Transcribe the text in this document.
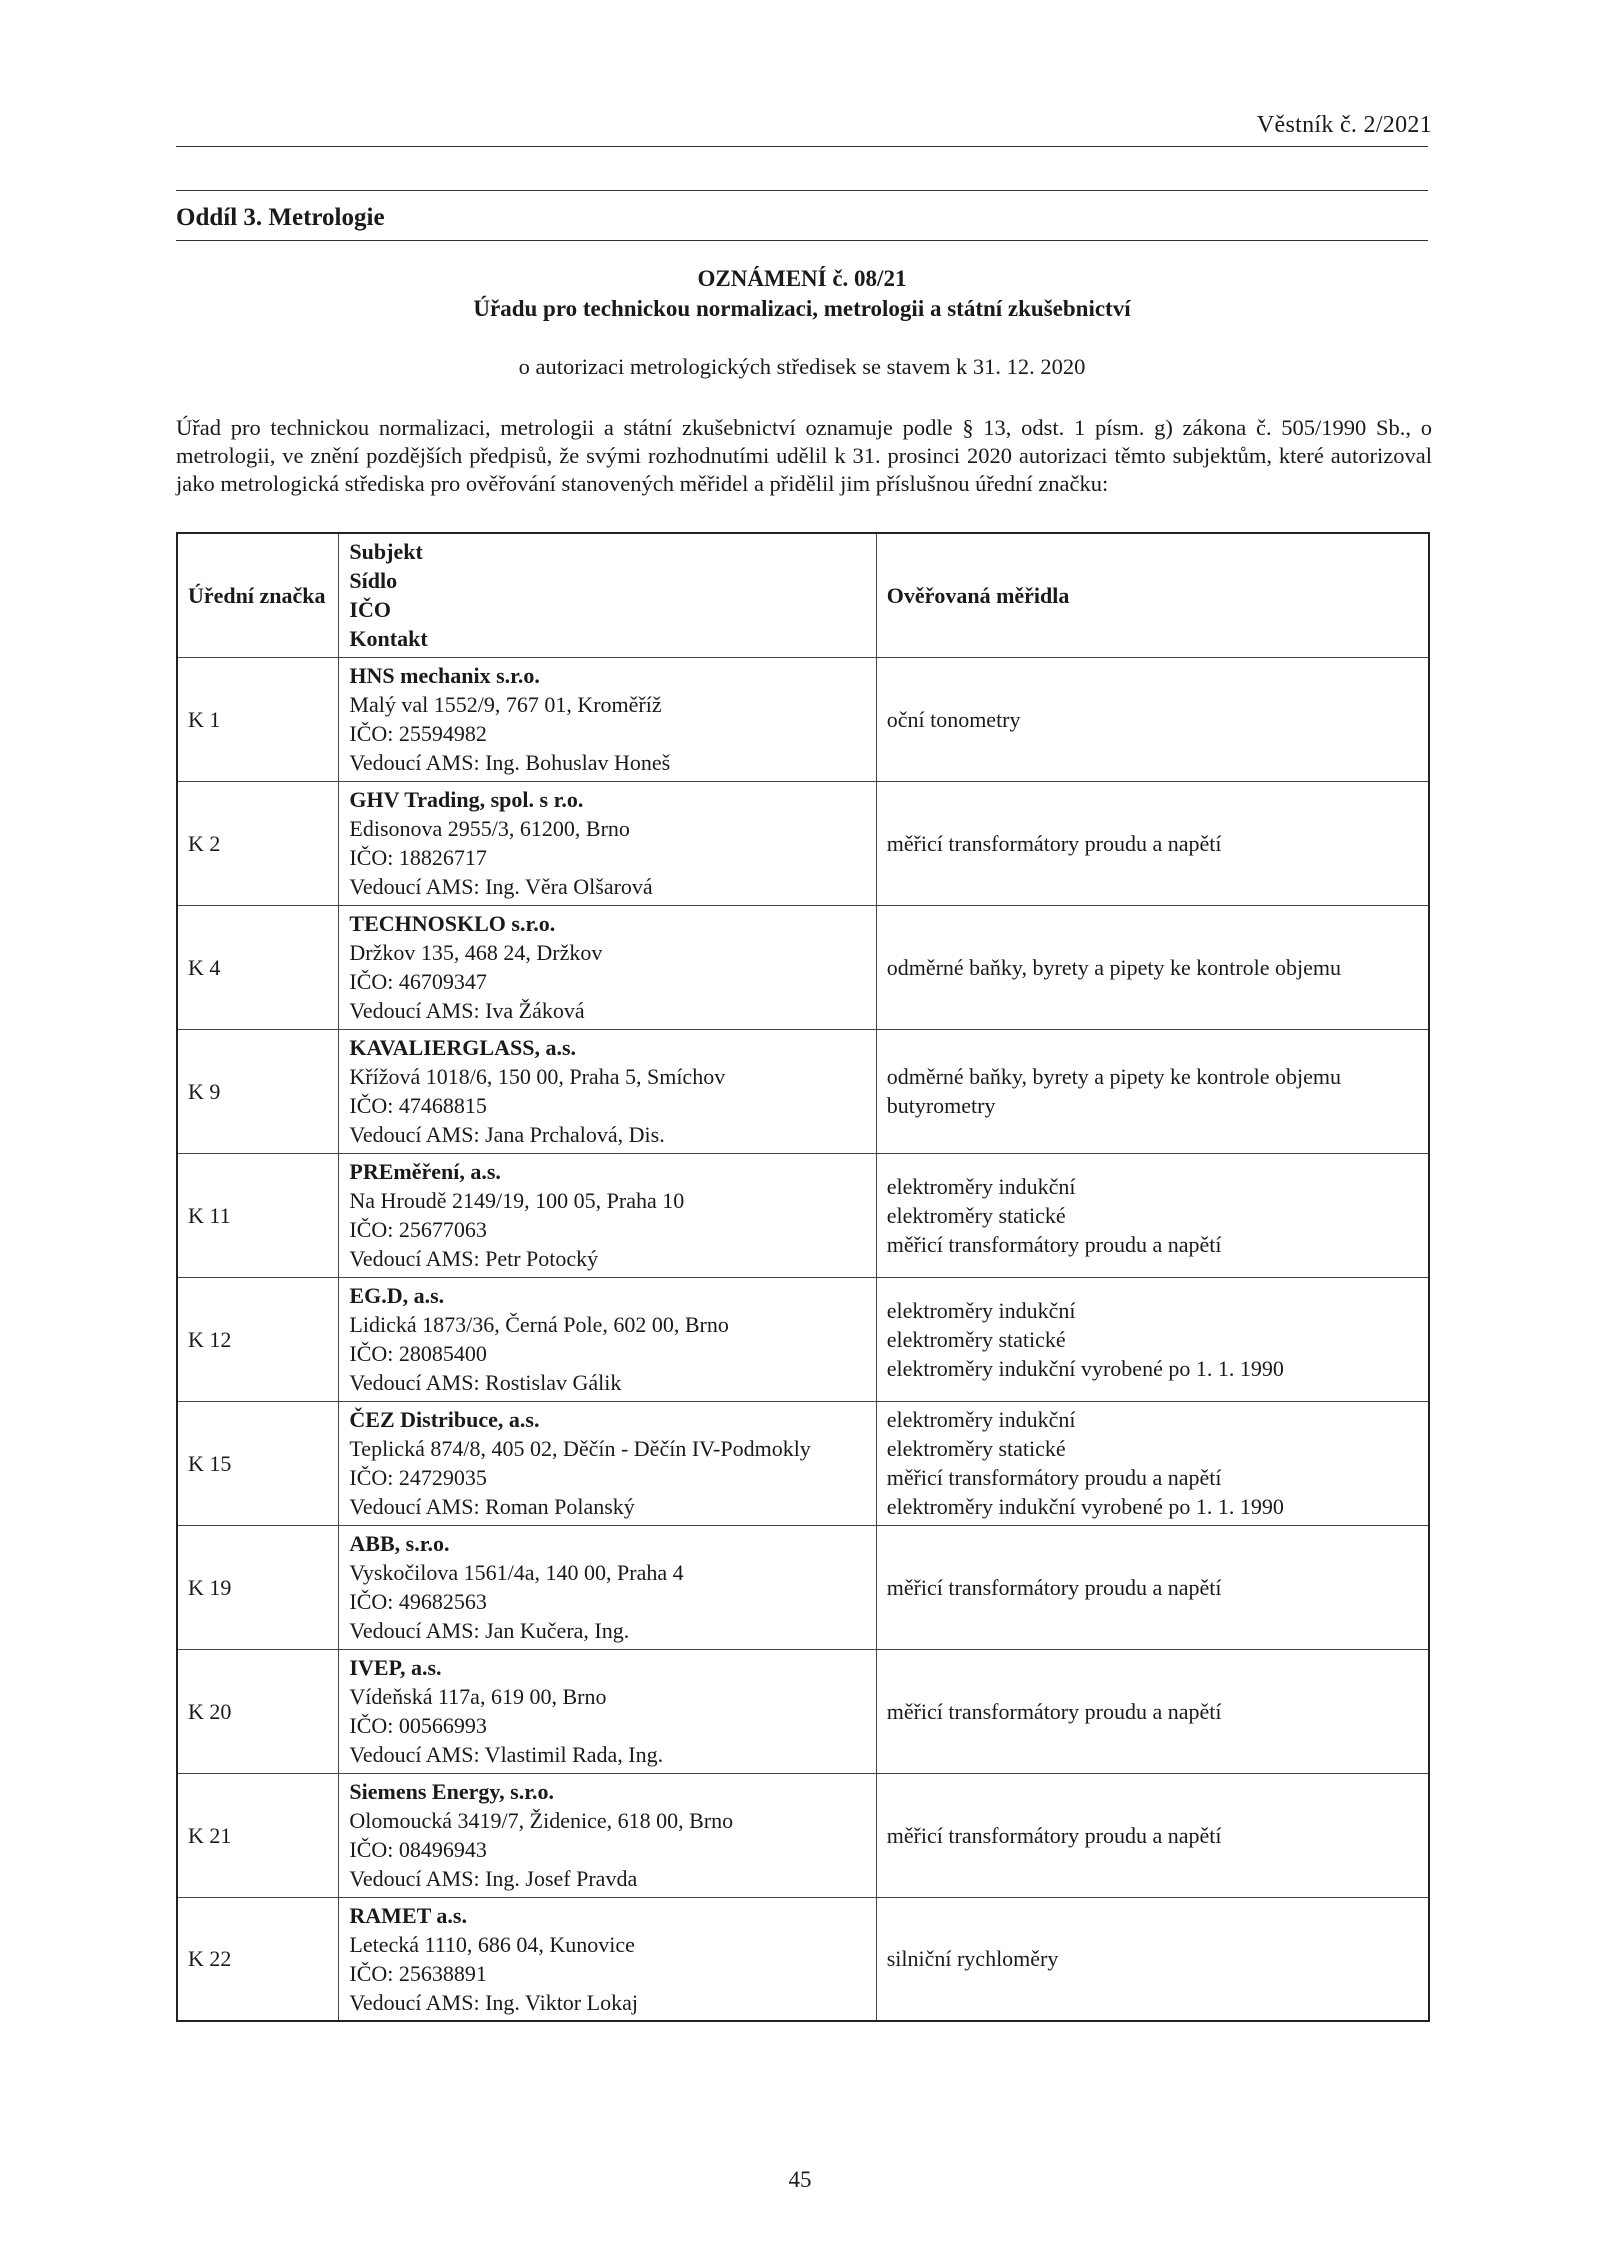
Věstník č. 2/2021
Oddíl 3. Metrologie
OZNÁMENÍ č. 08/21
Úřadu pro technickou normalizaci, metrologii a státní zkušebnictví
o autorizaci metrologických středisek se stavem k 31. 12. 2020
Úřad pro technickou normalizaci, metrologii a státní zkušebnictví oznamuje podle § 13, odst. 1 písm. g) zákona č. 505/1990 Sb., o metrologii, ve znění pozdějších předpisů, že svými rozhodnutími udělil k 31. prosinci 2020 autorizaci těmto subjektům, které autorizoval jako metrologická střediska pro ověřování stanovených měřidel a přidělil jim příslušnou úřední značku:
Úřední značka	Subjekt
Sídlo
IČO
Kontakt	Ověřovaná měřidla
K 1	HNS mechanix s.r.o.
Malý val 1552/9, 767 01, Kroměříž
IČO: 25594982
Vedoucí AMS: Ing. Bohuslav Honeš	oční tonometry

K 2	GHV Trading, spol. s r.o.
Edisonova 2955/3, 61200, Brno
IČO: 18826717
Vedoucí AMS: Ing. Věra Olšarová	měřicí transformátory proudu a napětí

K 4	TECHNOSKLO s.r.o.
Držkov 135, 468 24, Držkov
IČO: 46709347
Vedoucí AMS: Iva Žáková	odměrné baňky, byrety a pipety ke kontrole objemu

K 9	KAVALIERGLASS, a.s.
Křížová 1018/6, 150 00, Praha 5, Smíchov
IČO: 47468815
Vedoucí AMS: Jana Prchalová, Dis.	odměrné baňky, byrety a pipety ke kontrole objemu
butyrometry

K 11	PREměření, a.s.
Na Hroudě 2149/19, 100 05, Praha 10
IČO: 25677063
Vedoucí AMS: Petr Potocký	elektroměry indukční
elektroměry statické
měřicí transformátory proudu a napětí

K 12	EG.D, a.s.
Lidická 1873/36, Černá Pole, 602 00, Brno
IČO: 28085400
Vedoucí AMS: Rostislav Gálik	elektroměry indukční
elektroměry statické
elektroměry indukční vyrobené po 1. 1. 1990

K 15	ČEZ Distribuce, a.s.
Teplická 874/8, 405 02, Děčín - Děčín IV-Podmokly
IČO: 24729035
Vedoucí AMS: Roman Polanský	elektroměry indukční
elektroměry statické
měřicí transformátory proudu a napětí
elektroměry indukční vyrobené po 1. 1. 1990

K 19	ABB, s.r.o.
Vyskočilova 1561/4a, 140 00, Praha 4
IČO: 49682563
Vedoucí AMS: Jan Kučera, Ing.	měřicí transformátory proudu a napětí

K 20	IVEP, a.s.
Vídeňská 117a, 619 00, Brno
IČO: 00566993
Vedoucí AMS: Vlastimil Rada, Ing.	měřicí transformátory proudu a napětí

K 21	Siemens Energy, s.r.o.
Olomoucká 3419/7, Židenice, 618 00, Brno
IČO: 08496943
Vedoucí AMS: Ing. Josef Pravda	měřicí transformátory proudu a napětí

K 22	RAMET a.s.
Letecká 1110, 686 04, Kunovice
IČO: 25638891
Vedoucí AMS: Ing. Viktor Lokaj	silniční rychloměry
45
